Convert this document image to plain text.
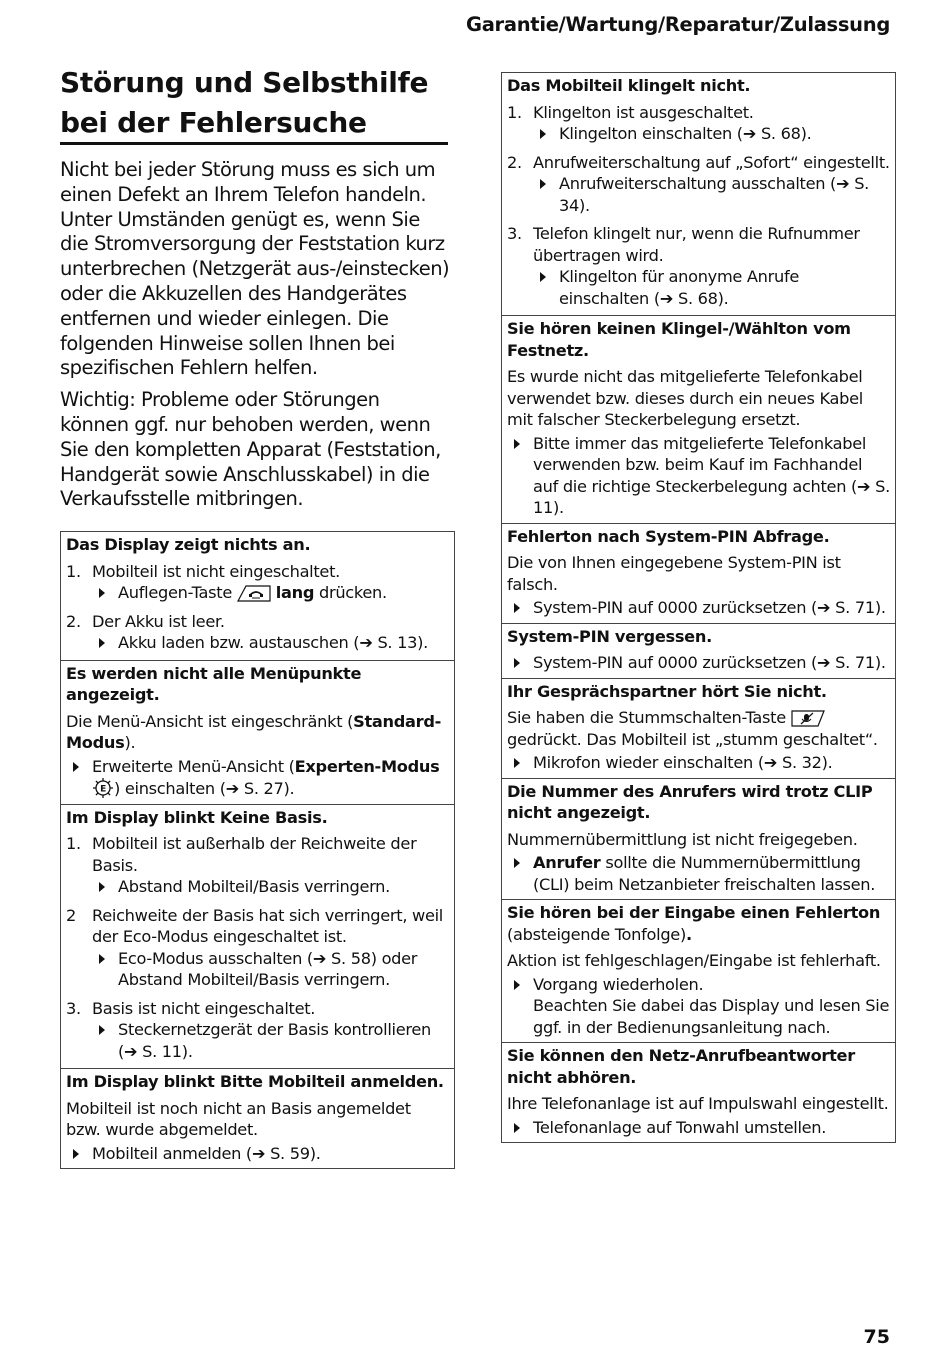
Garantie/Wartung/Reparatur/Zulassung
Störung und Selbsthilfe bei der Fehlersuche

Nicht bei jeder Störung muss es sich um einen Defekt an Ihrem Telefon handeln. Unter Umständen genügt es, wenn Sie die Stromversorgung der Feststation kurz unterbrechen (Netzgerät aus-/einstecken) oder die Akkuzellen des Handgerätes entfernen und wieder einlegen. Die folgenden Hinweise sollen Ihnen bei spezifischen Fehlern helfen.

Wichtig: Probleme oder Störungen können ggf. nur behoben werden, wenn Sie den kompletten Apparat (Feststation, Handgerät sowie Anschlusskabel) in die Verkaufsstelle mitbringen.

Das Display zeigt nichts an.
1. Mobilteil ist nicht eingeschaltet.
Auflegen-Taste	lang drücken.
2. Der Akku ist leer.
Akku laden bzw. austauschen (➔ S. 13).
Es werden nicht alle Menüpunkte angezeigt.
Die Menü-Ansicht ist eingeschränkt (Standard-Modus).
Erweiterte Menü-Ansicht (Experten-Modus

E ) einschalten (➔ S. 27).
Im Display blinkt Keine Basis.
1. Mobilteil ist außerhalb der Reichweite der Basis.
Abstand Mobilteil/Basis verringern.
2 Reichweite der Basis hat sich verringert, weil der Eco-Modus eingeschaltet ist.
Eco-Modus ausschalten (➔ S. 58) oder Abstand Mobilteil/Basis verringern.
3. Basis ist nicht eingeschaltet.
Steckernetzgerät der Basis kontrollieren (➔ S. 11).
Im Display blinkt Bitte Mobilteil anmelden.
Mobilteil ist noch nicht an Basis angemeldet bzw. wurde abgemeldet.
Mobilteil anmelden (➔ S. 59).
Das Mobilteil klingelt nicht.
1. Klingelton ist ausgeschaltet.
Klingelton einschalten (➔ S. 68).
2. Anrufweiterschaltung auf „Sofort“ eingestellt.
Anrufweiterschaltung ausschalten (➔ S. 34).
3. Telefon klingelt nur, wenn die Rufnummer übertragen wird.
Klingelton für anonyme Anrufe einschalten (➔ S. 68).
Sie hören keinen Klingel-/Wählton vom Festnetz.
Es wurde nicht das mitgelieferte Telefonkabel verwendet bzw. dieses durch ein neues Kabel mit falscher Steckerbelegung ersetzt.
Bitte immer das mitgelieferte Telefonkabel verwenden bzw. beim Kauf im Fachhandel auf die richtige Steckerbelegung achten (➔ S. 11).
Fehlerton nach System-PIN Abfrage.
Die von Ihnen eingegebene System-PIN ist falsch.
System-PIN auf 0000 zurücksetzen (➔ S. 71).
System-PIN vergessen.
System-PIN auf 0000 zurücksetzen (➔ S. 71).
Ihr Gesprächspartner hört Sie nicht.
Sie haben die Stummschalten-Taste  gedrückt. Das Mobilteil ist „stumm geschaltet“.
Mikrofon wieder einschalten (➔ S. 32).
Die Nummer des Anrufers wird trotz CLIP nicht angezeigt.
Nummernübermittlung ist nicht freigegeben.
Anrufer sollte die Nummernübermittlung (CLI) beim Netzanbieter freischalten lassen.
Sie hören bei der Eingabe einen Fehlerton
(absteigende Tonfolge).
Aktion ist fehlgeschlagen/Eingabe ist fehlerhaft.
Vorgang wiederholen.
Beachten Sie dabei das Display und lesen Sie ggf. in der Bedienungsanleitung nach.
Sie können den Netz-Anrufbeantworter nicht abhören.
Ihre Telefonanlage ist auf Impulswahl eingestellt.
Telefonanlage auf Tonwahl umstellen.
75
